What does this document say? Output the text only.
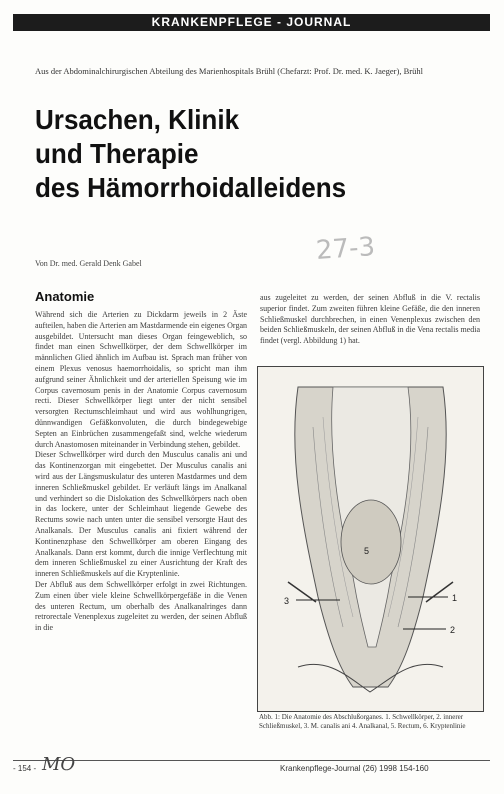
KRANKENPFLEGE - JOURNAL
Aus der Abdominalchirurgischen Abteilung des Marienhospitals Brühl (Chefarzt: Prof. Dr. med. K. Jaeger), Brühl
Ursachen, Klinik
und Therapie
des Hämorrhoidalleidens
27-3
Von Dr. med. Gerald Denk Gabel
Anatomie

Während sich die Arterien zu Dickdarm jeweils in 2 Äste aufteilen, haben die Arterien am Mastdarmende ein eigenes Organ ausgebildet. Untersucht man dieses Organ feingeweblich, so findet man einen Schwellkörper, der dem Schwellkörper im männlichen Glied ähnlich im Aufbau ist. Sprach man früher von einem Plexus venosus haemorrhoidalis, so spricht man ihm aufgrund seiner Ähnlichkeit und der arteriellen Speisung wie im Corpus cavernosum penis in der Anatomie Corpus cavernosum recti. Dieser Schwellkörper liegt unter der nicht sensibel versorgten Rectumschleimhaut und wird aus wohlhungrigen, dünnwandigen Gefäßkonvoluten, die durch bindegewebige Septen an Einbrüchen zusammengefaßt sind, welche wiederum durch Anastomosen miteinander in Verbindung stehen, gebildet.

Dieser Schwellkörper wird durch den Musculus canalis ani und das Kontinenzorgan mit eingebettet. Der Musculus canalis ani wird aus der Längsmuskulatur des unteren Mastdarmes und dem inneren Schließmuskel gebildet. Er verläuft längs im Analkanal und verhindert so die Dislokation des Schwellkörpers nach oben in das lockere, unter der Schleimhaut liegende Gewebe des Rectums sowie nach unten unter die sensibel versorgte Haut des Analkanals. Der Musculus canalis ani fixiert während der Kontinenzphase den Schwellkörper am oberen Eingang des Analkanals. Dann erst kommt, durch die innige Verflechtung mit dem inneren Schließmuskel zu einer Ausrichtung der Kraft des inneren Schließmuskels auf die Kryptenlinie.

Der Abfluß aus dem Schwellkörper erfolgt in zwei Richtungen. Zum einen über viele kleine Schwellkörpergefäße in die Venen des unteren Rectum, um oberhalb des Analkanalringes dann retrorectale Venenplexus zugeleitet zu werden, der seinen Abfluß in die

aus zugeleitet zu werden, der seinen Abfluß in die V. rectalis superior findet. Zum zweiten führen kleine Gefäße, die den inneren Schließmuskel durchbrechen, in einen Venenplexus zwischen den beiden Schließmuskeln, der seinen Abfluß in die Vena rectalis media findet (vergl. Abbildung 1) hat.

3	1
2
5
Abb. 1: Die Anatomie des Abschlußorganes. 1. Schwellkörper, 2. innerer Schließmuskel, 3. M. canalis ani 4. Analkanal, 5. Rectum, 6. Kryptenlinie
- 154 - MO	Krankenpflege-Journal (26) 1998 154-160
